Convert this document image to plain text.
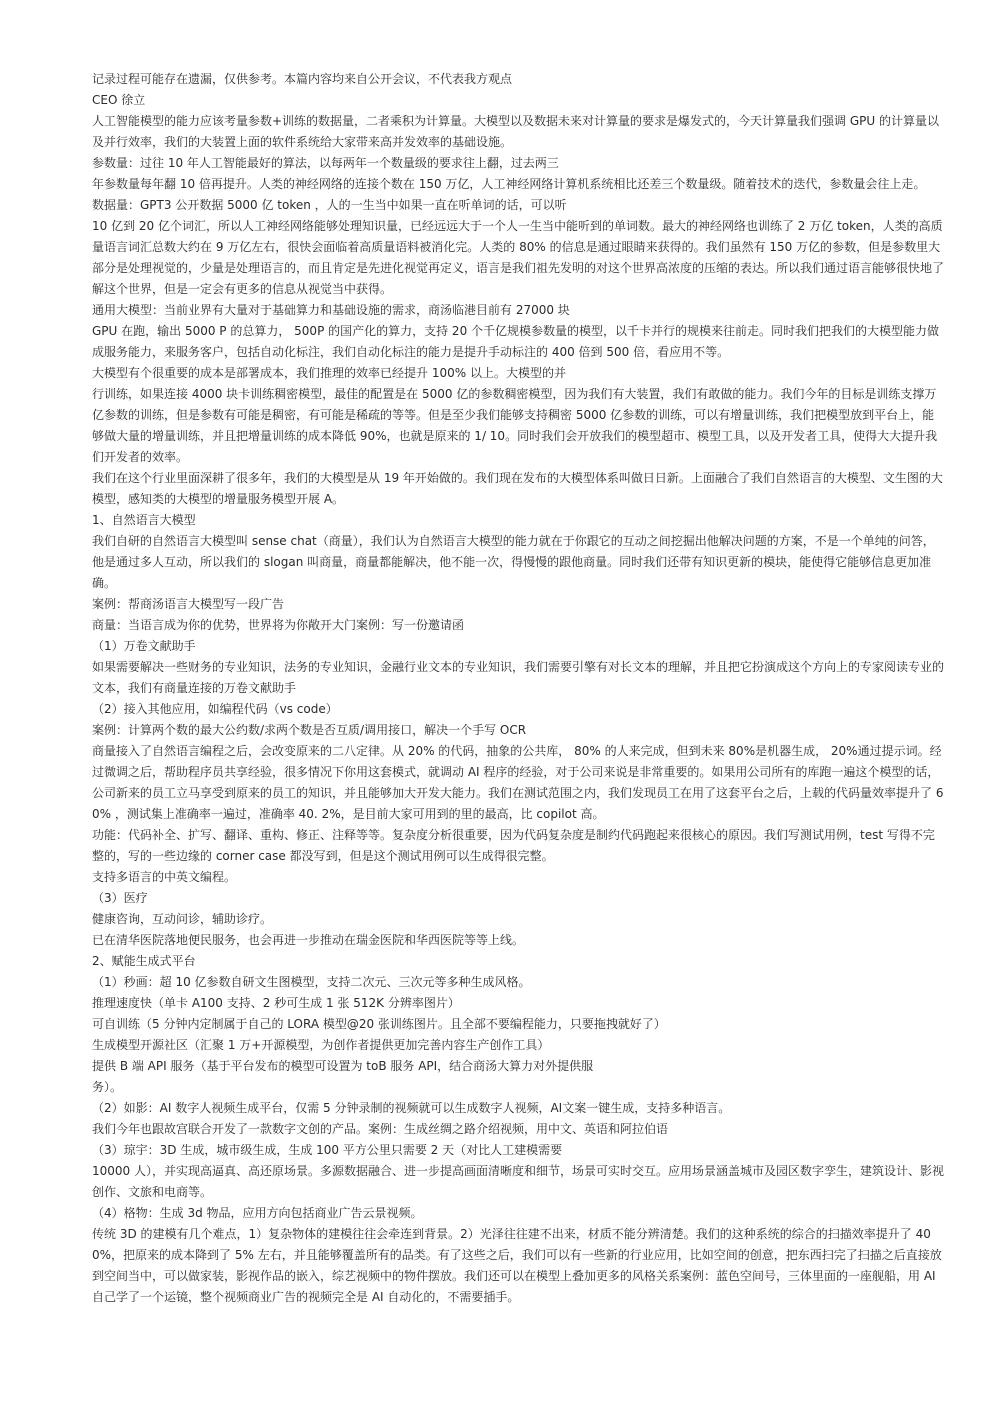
记录过程可能存在遗漏，仅供参考。本篇内容均来自公开会议，不代表我方观点

CEO 徐立

人工智能模型的能力应该考量参数+训练的数据量，二者乘积为计算量。大模型以及数据未来对计算量的要求是爆发式的，今天计算量我们强调 GPU 的计算量以及并行效率，我们的大装置上面的软件系统给大家带来高并发效率的基础设施。

参数量：过往 10 年人工智能最好的算法，以每两年一个数量级的要求往上翻，过去两三

年参数量每年翻 10 倍再提升。人类的神经网络的连接个数在 150 万亿，人工神经网络计算机系统相比还差三个数量级。随着技术的迭代，参数量会往上走。

数据量：GPT3 公开数据 5000 亿 token ，人的一生当中如果一直在听单词的话，可以听

10 亿到 20 亿个词汇，所以人工神经网络能够处理知识量，已经远远大于一个人一生当中能听到的单词数。最大的神经网络也训练了 2 万亿 token，人类的高质量语言词汇总数大约在 9 万亿左右，很快会面临着高质量语料被消化完。人类的 80% 的信息是通过眼睛来获得的。我们虽然有 150 万亿的参数，但是参数里大部分是处理视觉的，少量是处理语言的，而且肯定是先进化视觉再定义，语言是我们祖先发明的对这个世界高浓度的压缩的表达。所以我们通过语言能够很快地了解这个世界，但是一定会有更多的信息从视觉当中获得。

通用大模型：当前业界有大量对于基础算力和基础设施的需求，商汤临港目前有 27000 块

GPU 在跑，输出 5000 P 的总算力， 500P 的国产化的算力，支持 20 个千亿规模参数量的模型，以千卡并行的规模来往前走。同时我们把我们的大模型能力做成服务能力，来服务客户，包括自动化标注，我们自动化标注的能力是提升手动标注的 400 倍到 500 倍，看应用不等。

大模型有个很重要的成本是部署成本，我们推理的效率已经提升 100% 以上。大模型的并

行训练，如果连接 4000 块卡训练稠密模型，最佳的配置是在 5000 亿的参数稠密模型，因为我们有大装置，我们有敢做的能力。我们今年的目标是训练支撑万亿参数的训练，但是参数有可能是稠密，有可能是稀疏的等等。但是至少我们能够支持稠密 5000 亿参数的训练，可以有增量训练，我们把模型放到平台上，能够做大量的增量训练，并且把增量训练的成本降低 90%，也就是原来的 1/ 10。同时我们会开放我们的模型超市、模型工具，以及开发者工具，使得大大提升我们开发者的效率。

我们在这个行业里面深耕了很多年，我们的大模型是从 19 年开始做的。我们现在发布的大模型体系叫做日日新。上面融合了我们自然语言的大模型、文生图的大模型，感知类的大模型的增量服务模型开展 A。

1、自然语言大模型

我们自研的自然语言大模型叫 sense chat（商量），我们认为自然语言大模型的能力就在于你跟它的互动之间挖掘出他解决问题的方案，不是一个单纯的问答，他是通过多人互动，所以我们的 slogan 叫商量，商量都能解决，他不能一次，得慢慢的跟他商量。同时我们还带有知识更新的模块，能使得它能够信息更加准确。

案例：帮商汤语言大模型写一段广告

商量：当语言成为你的优势，世界将为你敞开大门案例：写一份邀请函

（1）万卷文献助手

如果需要解决一些财务的专业知识，法务的专业知识，金融行业文本的专业知识，我们需要引擎有对长文本的理解，并且把它扮演成这个方向上的专家阅读专业的文本，我们有商量连接的万卷文献助手

（2）接入其他应用，如编程代码（vs code）

案例：计算两个数的最大公约数/求两个数是否互质/调用接口，解决一个手写 OCR

商量接入了自然语言编程之后，会改变原来的二八定律。从 20% 的代码，抽象的公共库， 80% 的人来完成，但到未来 80%是机器生成， 20%通过提示词。经过微调之后，帮助程序员共享经验，很多情况下你用这套模式，就调动 AI 程序的经验，对于公司来说是非常重要的。如果用公司所有的库跑一遍这个模型的话，公司新来的员工立马享受到原来的员工的知识，并且能够加大开发大能力。我们在测试范围之内，我们发现员工在用了这套平台之后，上载的代码量效率提升了 60% ，测试集上准确率一遍过，准确率 40. 2%，是目前大家可用到的里的最高，比 copilot 高。

功能：代码补全、扩写、翻译、重构、修正、注释等等。复杂度分析很重要，因为代码复杂度是制约代码跑起来很核心的原因。我们写测试用例，test 写得不完整的，写的一些边缘的 corner case 都没写到，但是这个测试用例可以生成得很完整。

支持多语言的中英文编程。

（3）医疗

健康咨询，互动问诊，辅助诊疗。

已在清华医院落地便民服务，也会再进一步推动在瑞金医院和华西医院等等上线。

2、赋能生成式平台

（1）秒画：超 10 亿参数自研文生图模型，支持二次元、三次元等多种生成风格。

推理速度快（单卡 A100 支持、2 秒可生成 1 张 512K 分辨率图片）

可自训练（5 分钟内定制属于自己的 LORA 模型@20 张训练图片。且全部不要编程能力，只要拖拽就好了）

生成模型开源社区（汇聚 1 万+开源模型，为创作者提供更加完善内容生产创作工具）

提供 B 端 API 服务（基于平台发布的模型可设置为 toB 服务 API，结合商汤大算力对外提供服务）。

（2）如影：AI 数字人视频生成平台，仅需 5 分钟录制的视频就可以生成数字人视频，AI文案一键生成，支持多种语言。

我们今年也跟故宫联合开发了一款数字文创的产品。案例：生成丝绸之路介绍视频，用中文、英语和阿拉伯语

（3）琼宇：3D 生成，城市级生成，生成 100 平方公里只需要 2 天（对比人工建模需要

10000 人），并实现高逼真、高还原场景。多源数据融合、进一步提高画面清晰度和细节，场景可实时交互。应用场景涵盖城市及园区数字孪生，建筑设计、影视创作、文旅和电商等。

（4）格物：生成 3d 物品，应用方向包括商业广告云景视频。

传统 3D 的建模有几个难点，1）复杂物体的建模往往会牵连到背景。2）光泽往往建不出来，材质不能分辨清楚。我们的这种系统的综合的扫描效率提升了 400%，把原来的成本降到了 5% 左右，并且能够覆盖所有的品类。有了这些之后，我们可以有一些新的行业应用，比如空间的创意，把东西扫完了扫描之后直接放到空间当中，可以做家装，影视作品的嵌入，综艺视频中的物件摆放。我们还可以在模型上叠加更多的风格关系案例：蓝色空间号，三体里面的一座舰船，用 AI 自己学了一个运镜，整个视频商业广告的视频完全是 AI 自动化的，不需要插手。
